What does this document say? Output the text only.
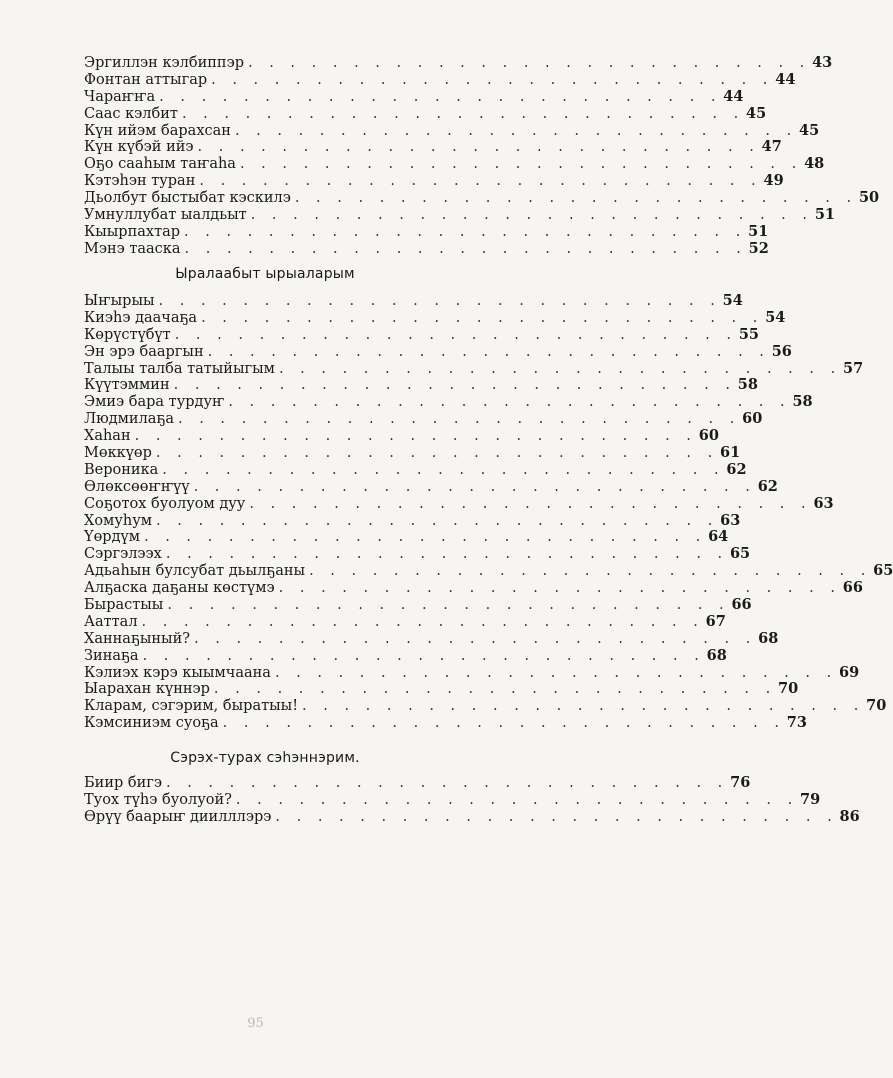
Эргиллэн кэлбиппэр . . . . . . . . . . . . . . . . . . . . . . . . . . . 43
Фонтан аттыгар . . . . . . . . . . . . . . . . . . . . . . . . . . . 44
Чараҥҥа . . . . . . . . . . . . . . . . . . . . . . . . . . . 44
Саас кэлбит . . . . . . . . . . . . . . . . . . . . . . . . . . . 45
Күн ийэм барахсан . . . . . . . . . . . . . . . . . . . . . . . . . . . 45
Күн күбэй ийэ . . . . . . . . . . . . . . . . . . . . . . . . . . . 47
Оҕо сааһым таҥаһа . . . . . . . . . . . . . . . . . . . . . . . . . . . 48
Кэтэһэн туран . . . . . . . . . . . . . . . . . . . . . . . . . . . 49
Дьолбут быстыбат кэскилэ . . . . . . . . . . . . . . . . . . . . . . . . . . . 50
Умнуллубат ыалдьыт . . . . . . . . . . . . . . . . . . . . . . . . . . . 51
Кыырпахтар . . . . . . . . . . . . . . . . . . . . . . . . . . . 51
Мэнэ тааска . . . . . . . . . . . . . . . . . . . . . . . . . . . 52
Ыралаабыт ырыаларым
Ыҥырыы . . . . . . . . . . . . . . . . . . . . . . . . . . . 54
Киэһэ даачаҕа . . . . . . . . . . . . . . . . . . . . . . . . . . . 54
Көрүстүбүт . . . . . . . . . . . . . . . . . . . . . . . . . . . 55
Эн эрэ бааргын . . . . . . . . . . . . . . . . . . . . . . . . . . . 56
Талыы талба татыйыгым . . . . . . . . . . . . . . . . . . . . . . . . . . . 57
Күүтэммин . . . . . . . . . . . . . . . . . . . . . . . . . . . 58
Эмиэ бара турдуҥ . . . . . . . . . . . . . . . . . . . . . . . . . . . 58
Людмилаҕа . . . . . . . . . . . . . . . . . . . . . . . . . . . 60
Хаһан . . . . . . . . . . . . . . . . . . . . . . . . . . . 60
Мөккүөр . . . . . . . . . . . . . . . . . . . . . . . . . . . 61
Вероника . . . . . . . . . . . . . . . . . . . . . . . . . . . 62
Өлөксөөҥҥүү . . . . . . . . . . . . . . . . . . . . . . . . . . . 62
Соҕотох буолуом дуу . . . . . . . . . . . . . . . . . . . . . . . . . . . 63
Хомуһум . . . . . . . . . . . . . . . . . . . . . . . . . . . 63
Үөрдүм . . . . . . . . . . . . . . . . . . . . . . . . . . . 64
Сэргэлээх . . . . . . . . . . . . . . . . . . . . . . . . . . . 65
Адьаһын булсубат дьылҕаны . . . . . . . . . . . . . . . . . . . . . . . . . . . 65
Алҕаска даҕаны көстүмэ . . . . . . . . . . . . . . . . . . . . . . . . . . . 66
Бырастыы . . . . . . . . . . . . . . . . . . . . . . . . . . . 66
Ааттал . . . . . . . . . . . . . . . . . . . . . . . . . . . 67
Ханнаҕыный? . . . . . . . . . . . . . . . . . . . . . . . . . . . 68
Зинаҕа . . . . . . . . . . . . . . . . . . . . . . . . . . . 68
Кэлиэх кэрэ кыымчаана . . . . . . . . . . . . . . . . . . . . . . . . . . . 69
Ыарахан күннэр . . . . . . . . . . . . . . . . . . . . . . . . . . . 70
Кларам, сэгэрим, быратыы! . . . . . . . . . . . . . . . . . . . . . . . . . . . 70
Кэмсиниэм суоҕа . . . . . . . . . . . . . . . . . . . . . . . . . . . 73
Сэрэх-турах сэһэннэрим.
Биир бигэ . . . . . . . . . . . . . . . . . . . . . . . . . . . 76
Туох түһэ буолуой? . . . . . . . . . . . . . . . . . . . . . . . . . . . 79
Өрүү баарыҥ диилллэрэ . . . . . . . . . . . . . . . . . . . . . . . . . . . 86
95
